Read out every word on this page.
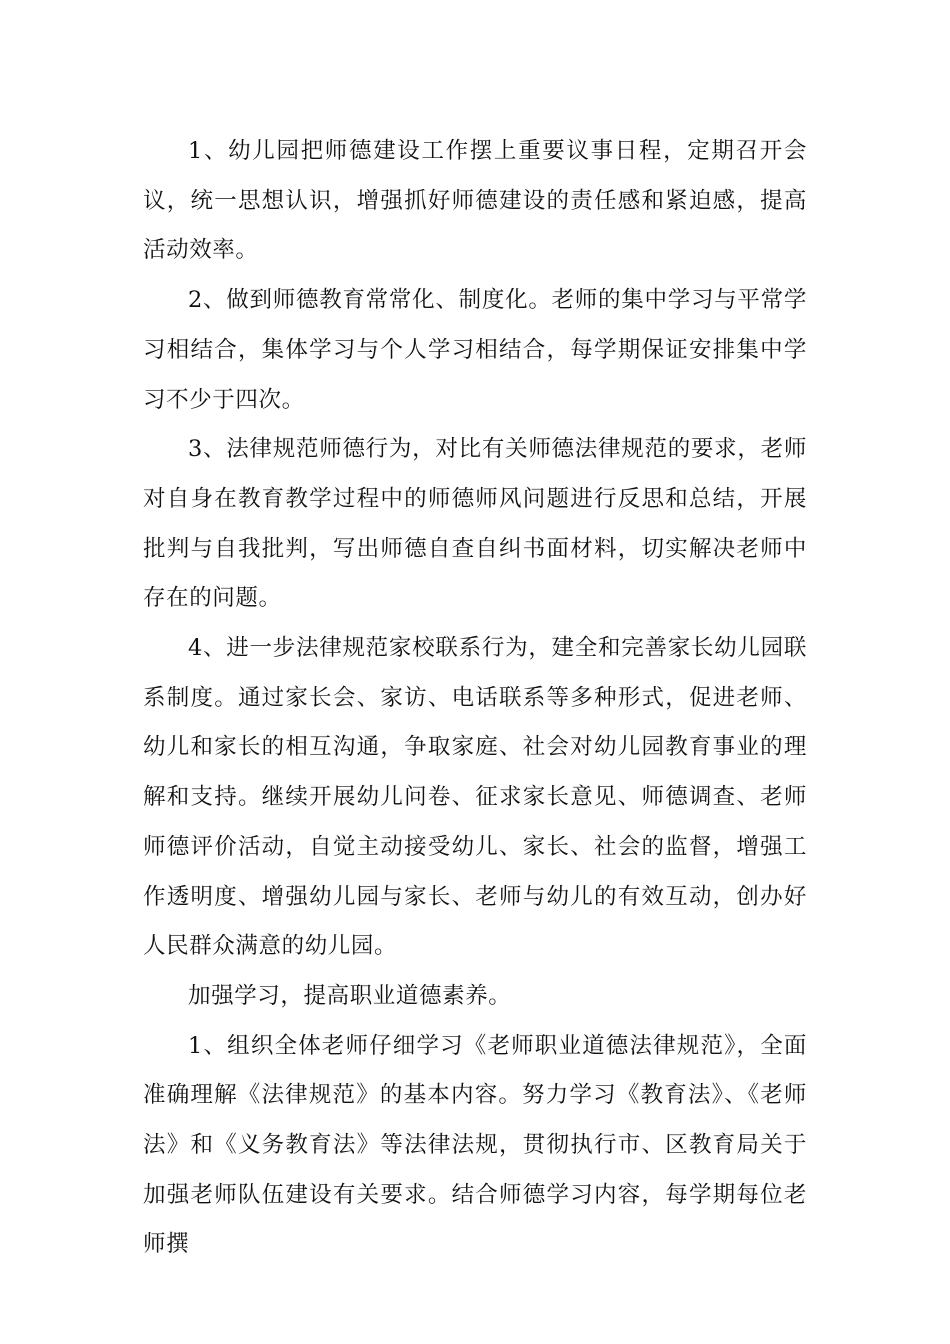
1、幼儿园把师德建设工作摆上重要议事日程，定期召开会议，统一思想认识，增强抓好师德建设的责任感和紧迫感，提高活动效率。

2、做到师德教育常常化、制度化。老师的集中学习与平常学习相结合，集体学习与个人学习相结合，每学期保证安排集中学习不少于四次。

3、法律规范师德行为，对比有关师德法律规范的要求，老师对自身在教育教学过程中的师德师风问题进行反思和总结，开展批判与自我批判，写出师德自查自纠书面材料，切实解决老师中存在的问题。

4、进一步法律规范家校联系行为，建全和完善家长幼儿园联系制度。通过家长会、家访、电话联系等多种形式，促进老师、幼儿和家长的相互沟通，争取家庭、社会对幼儿园教育事业的理解和支持。继续开展幼儿问卷、征求家长意见、师德调查、老师师德评价活动，自觉主动接受幼儿、家长、社会的监督，增强工作透明度、增强幼儿园与家长、老师与幼儿的有效互动，创办好人民群众满意的幼儿园。

加强学习，提高职业道德素养。

1、组织全体老师仔细学习《老师职业道德法律规范》，全面准确理解《法律规范》的基本内容。努力学习《教育法》、《老师法》和《义务教育法》等法律法规，贯彻执行市、区教育局关于加强老师队伍建设有关要求。结合师德学习内容，每学期每位老师撰
